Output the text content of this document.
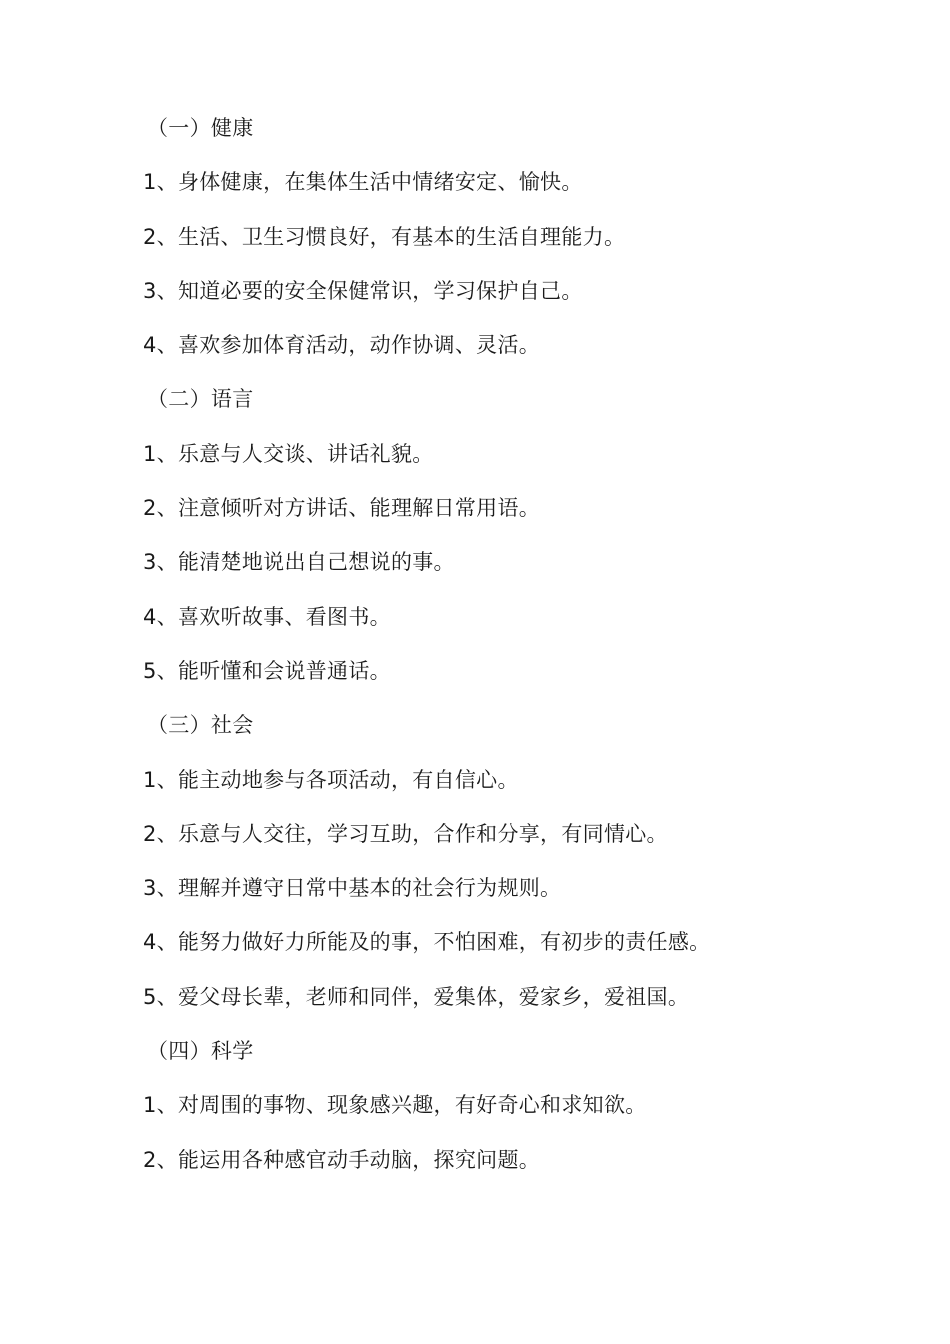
（一）健康
1、身体健康，在集体生活中情绪安定、愉快。
2、生活、卫生习惯良好，有基本的生活自理能力。
3、知道必要的安全保健常识，学习保护自己。
4、喜欢参加体育活动，动作协调、灵活。
（二）语言
1、乐意与人交谈、讲话礼貌。
2、注意倾听对方讲话、能理解日常用语。
3、能清楚地说出自己想说的事。
4、喜欢听故事、看图书。
5、能听懂和会说普通话。
（三）社会
1、能主动地参与各项活动，有自信心。
2、乐意与人交往，学习互助，合作和分享，有同情心。
3、理解并遵守日常中基本的社会行为规则。
4、能努力做好力所能及的事，不怕困难，有初步的责任感。
5、爱父母长辈，老师和同伴，爱集体，爱家乡，爱祖国。
（四）科学
1、对周围的事物、现象感兴趣，有好奇心和求知欲。
2、能运用各种感官动手动脑，探究问题。
